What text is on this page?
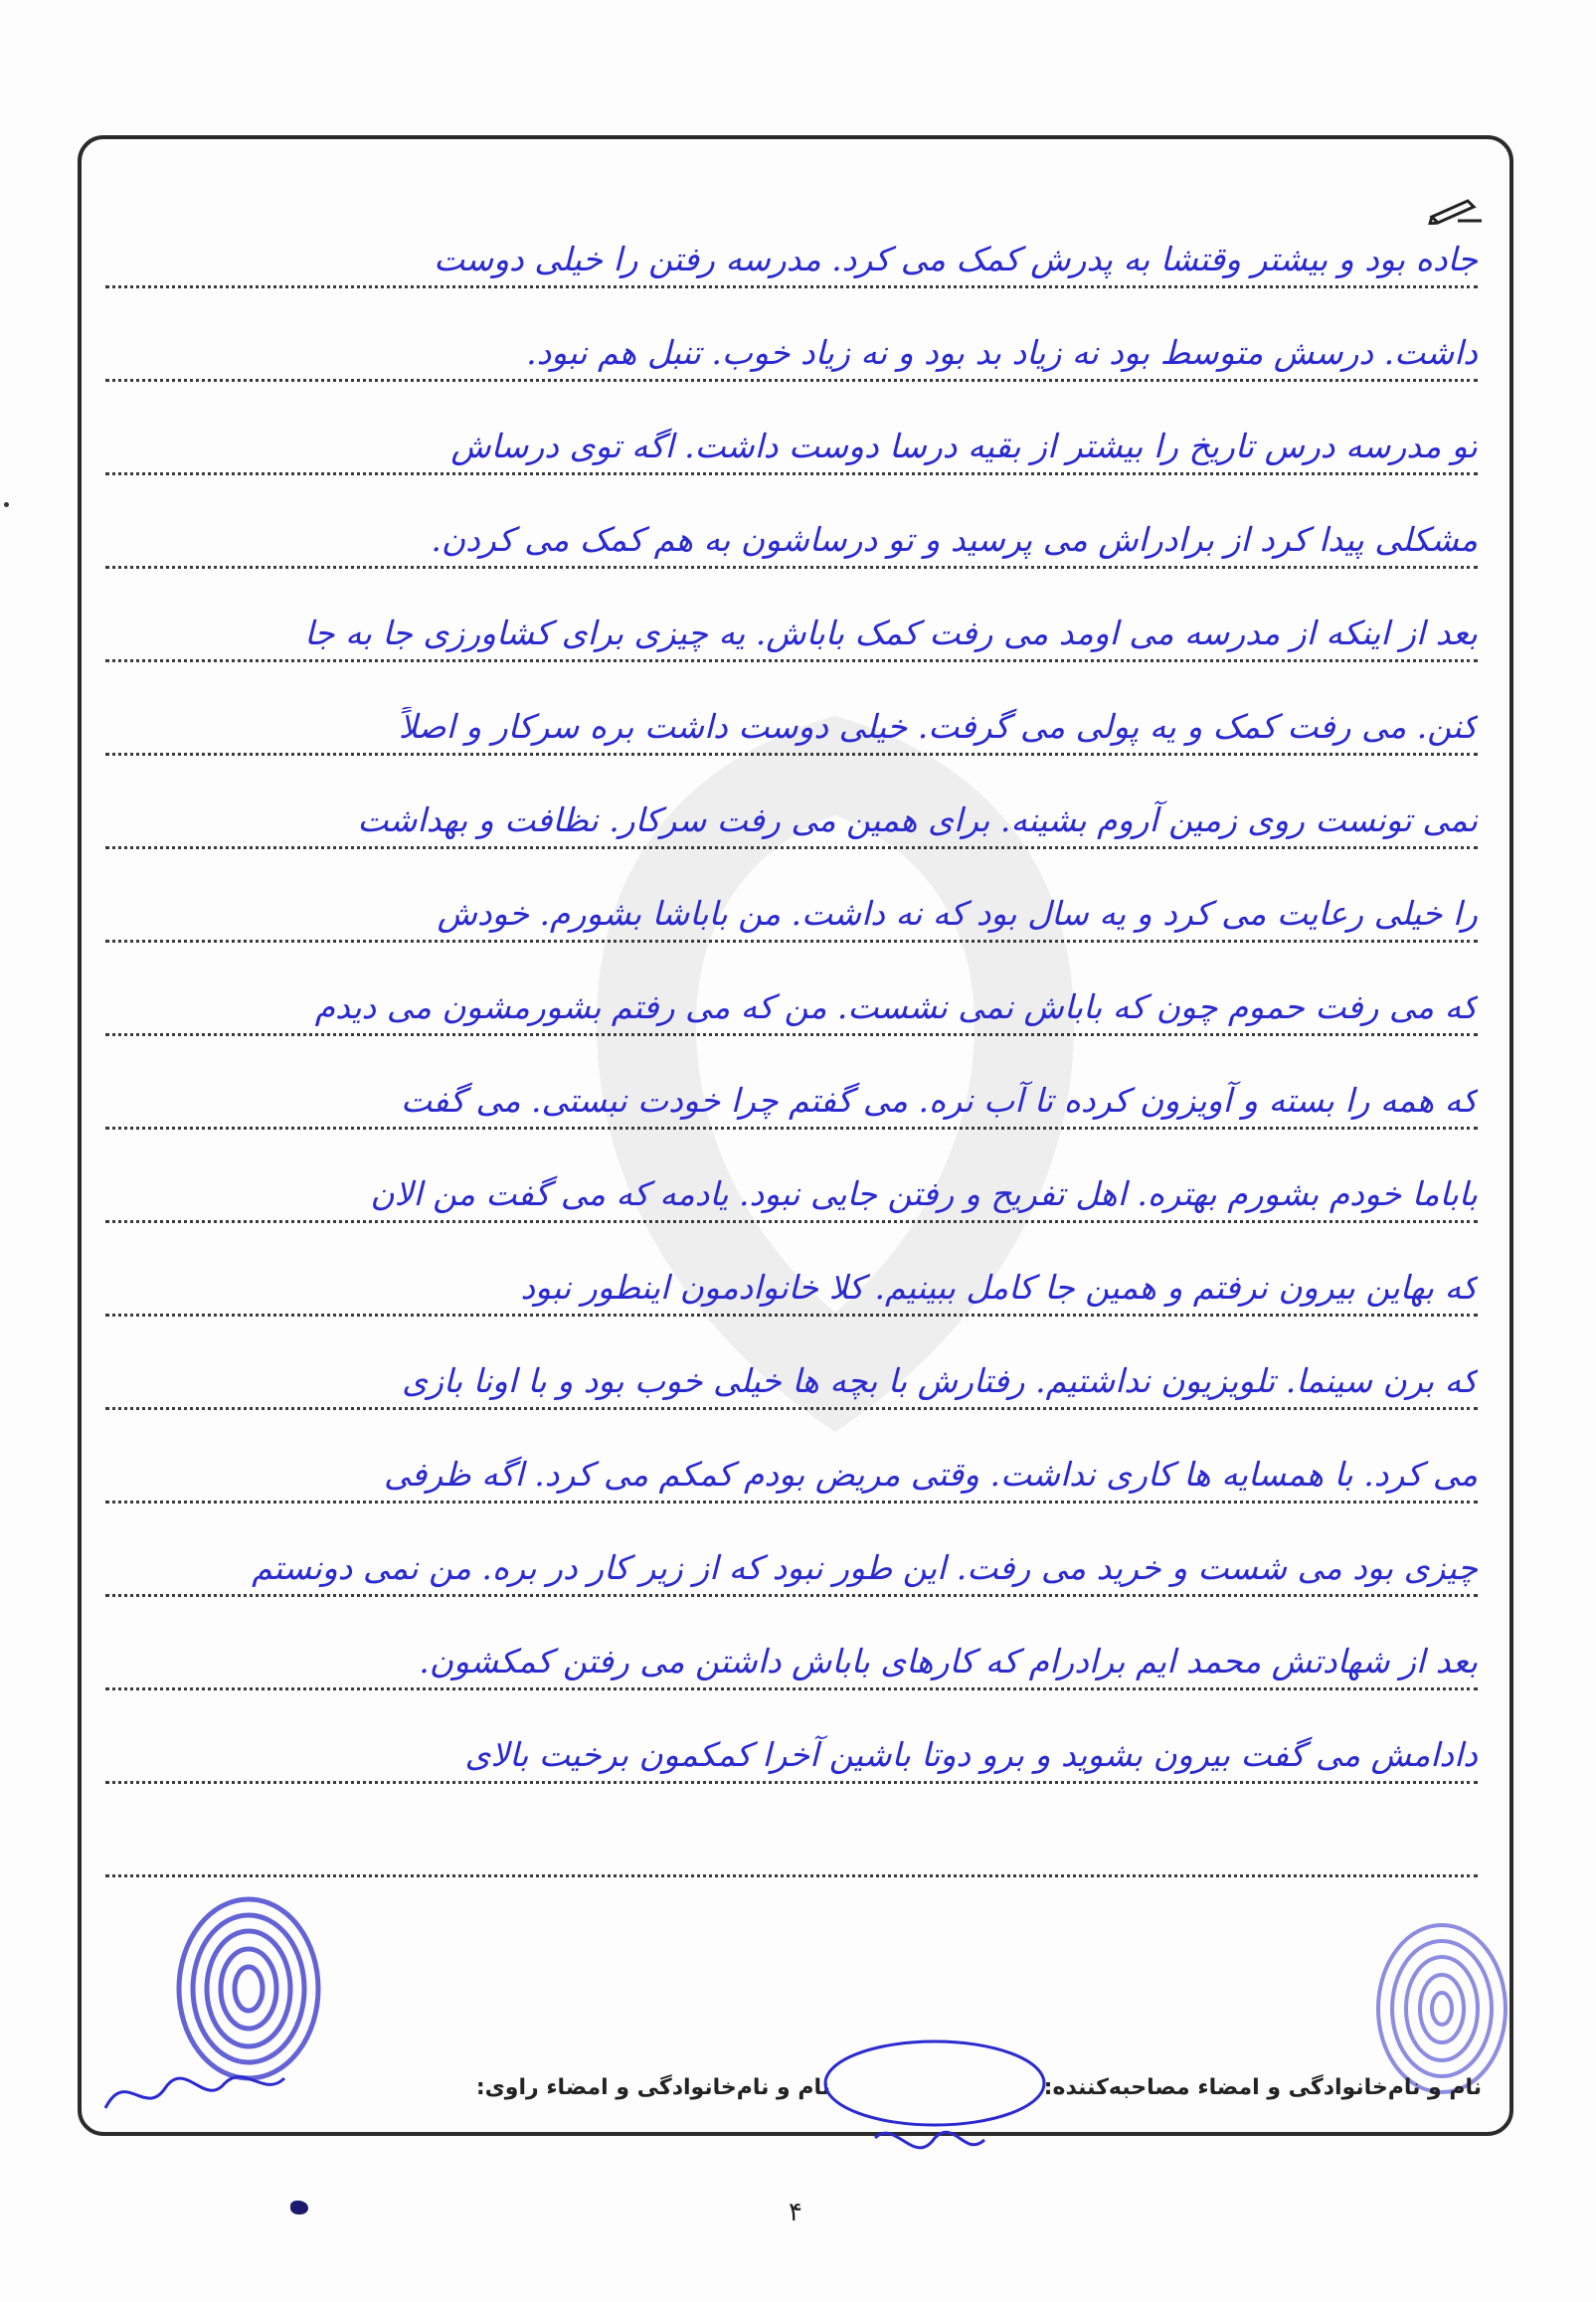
جاده بود و بیشتر وقتشا به پدرش کمک می کرد. مدرسه رفتن را خیلی دوست
داشت. درسش متوسط بود نه زیاد بد بود و نه زیاد خوب. تنبل هم نبود.
تو مدرسه درس تاریخ را بیشتر از بقیه درسا دوست داشت. اگه توی درساش
مشکلی پیدا کرد از برادراش می پرسید و تو درساشون به هم کمک می کردن.
بعد از اینکه از مدرسه می اومد می رفت کمک باباش. یه چیزی برای کشاورزی جا به جا
کنن. می رفت کمک و یه پولی می گرفت. خیلی دوست داشت بره سرکار و اصلاً
نمی تونست روی زمین آروم بشینه. برای همین می رفت سرکار. نظافت و بهداشت
را خیلی رعایت می کرد و یه سال بود که نه داشت. من باباشا بشورم. خودش
که می رفت حموم چون که باباش نمی نشست. من که می رفتم بشورمشون می دیدم
که همه را بسته و آویزون کرده تا آب نره. می گفتم چرا خودت نبستی. می گفت
باباما خودم بشورم بهتره. اهل تفریح و رفتن جایی نبود. یادمه که می گفت من الان
که بهاین بیرون نرفتم و همین جا کامل ببینیم. کلا خانوادمون اینطور نبود
که برن سینما. تلویزیون نداشتیم. رفتارش با بچه ها خیلی خوب بود و با اونا بازی
می کرد. با همسایه ها کاری نداشت. وقتی مریض بودم کمکم می کرد. اگه ظرفی
چیزی بود می شست و خرید می رفت. این طور نبود که از زیر کار در بره. من نمی دونستم
بعد از شهادتش محمد ایم برادرام که کارهای باباش داشتن می رفتن کمکشون.
دادامش می گفت بیرون بشوید و برو دوتا باشین آخرا کمکمون برخیت بالای
نام و نام‌خانوادگی و امضاء مصاحبه‌کننده:
نام و نام‌خانوادگی و امضاء راوی:
۴
